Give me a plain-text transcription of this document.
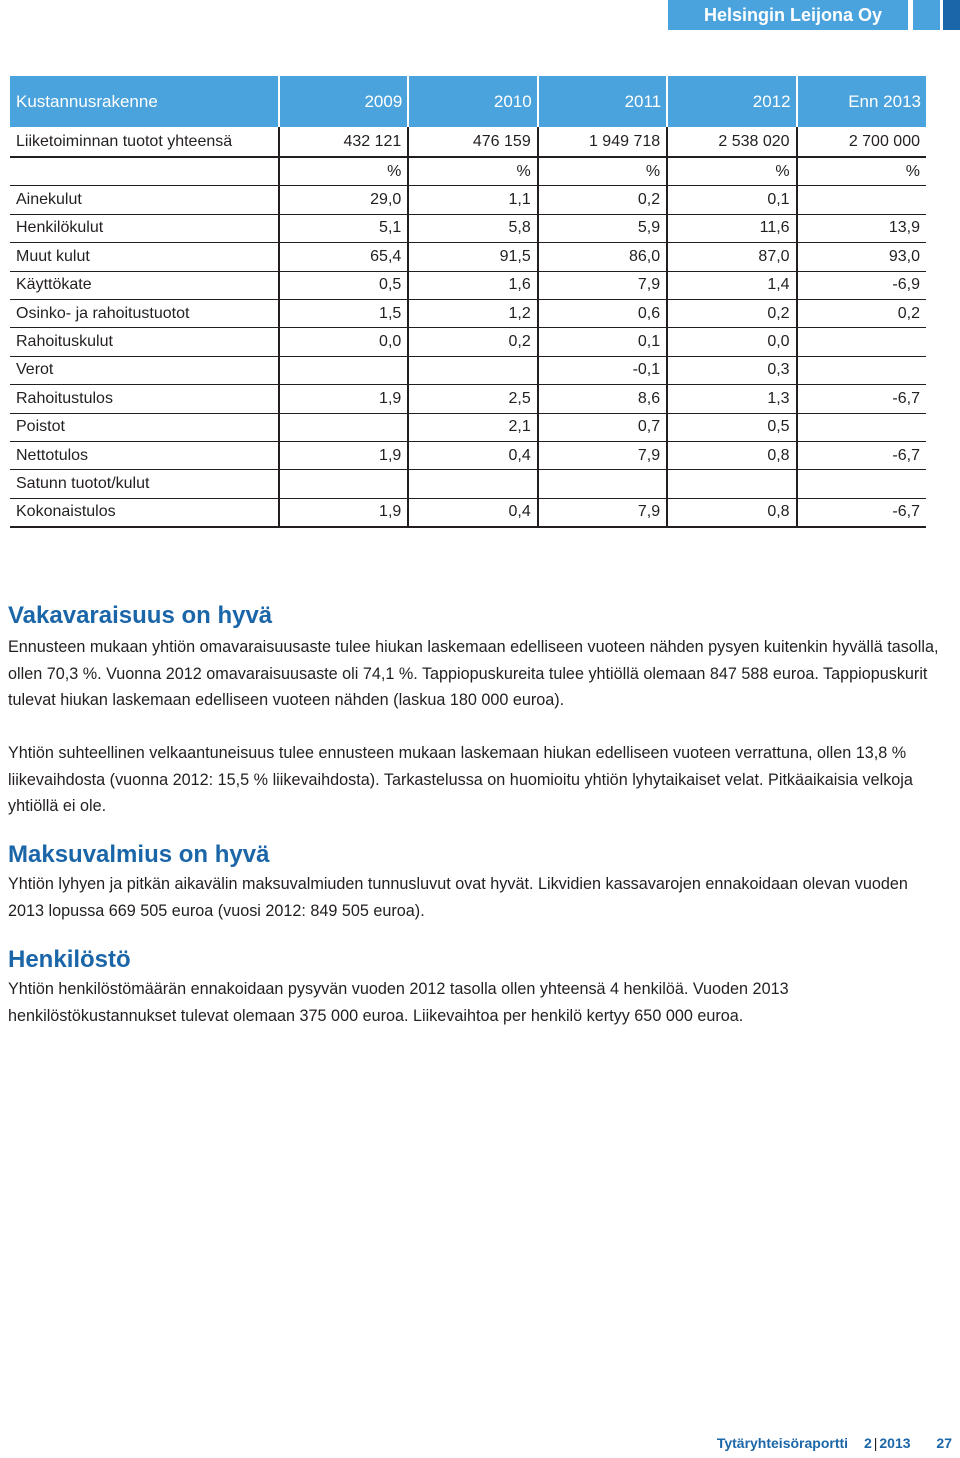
Helsingin Leijona Oy
Kustannusrakenne	2009	2010	2011	2012	Enn 2013
Liiketoiminnan tuotot yhteensä	432 121	476 159	1 949 718	2 538 020	2 700 000
	%	%	%	%	%
Ainekulut	29,0	1,1	0,2	0,1	
Henkilökulut	5,1	5,8	5,9	11,6	13,9
Muut kulut	65,4	91,5	86,0	87,0	93,0
Käyttökate	0,5	1,6	7,9	1,4	-6,9
Osinko- ja rahoitustuotot	1,5	1,2	0,6	0,2	0,2
Rahoituskulut	0,0	0,2	0,1	0,0	
Verot			-0,1	0,3	
Rahoitustulos	1,9	2,5	8,6	1,3	-6,7
Poistot		2,1	0,7	0,5	
Nettotulos	1,9	0,4	7,9	0,8	-6,7
Satunn tuotot/kulut					
Kokonaistulos	1,9	0,4	7,9	0,8	-6,7
Vakavaraisuus on hyvä
Ennusteen mukaan yhtiön omavaraisuusaste tulee hiukan laskemaan edelliseen vuoteen nähden pysyen kuitenkin hyvällä tasolla, ollen 70,3 %. Vuonna 2012 omavaraisuusaste oli 74,1 %. Tappiopuskureita tulee yhtiöllä olemaan 847 588 euroa. Tappiopuskurit tulevat hiukan laskemaan edelliseen vuoteen nähden (laskua 180 000 euroa).
Yhtiön suhteellinen velkaantuneisuus tulee ennusteen mukaan laskemaan hiukan edelliseen vuoteen verrattuna, ollen 13,8 % liikevaihdosta (vuonna 2012: 15,5 % liikevaihdosta). Tarkastelussa on huomioitu yhtiön lyhytaikaiset velat. Pitkäaikaisia velkoja yhtiöllä ei ole.
Maksuvalmius on hyvä
Yhtiön lyhyen ja pitkän aikavälin maksuvalmiuden tunnusluvut ovat hyvät. Likvidien kassavarojen ennakoidaan olevan vuoden 2013 lopussa 669 505 euroa (vuosi 2012: 849 505 euroa).
Henkilöstö
Yhtiön henkilöstömäärän ennakoidaan pysyvän vuoden 2012 tasolla ollen yhteensä 4 henkilöä. Vuoden 2013 henkilöstökustannukset tulevat olemaan 375 000 euroa. Liikevaihtoa per henkilö kertyy 650 000 euroa.
Tytäryhteisöraportti 2 | 2013 27
